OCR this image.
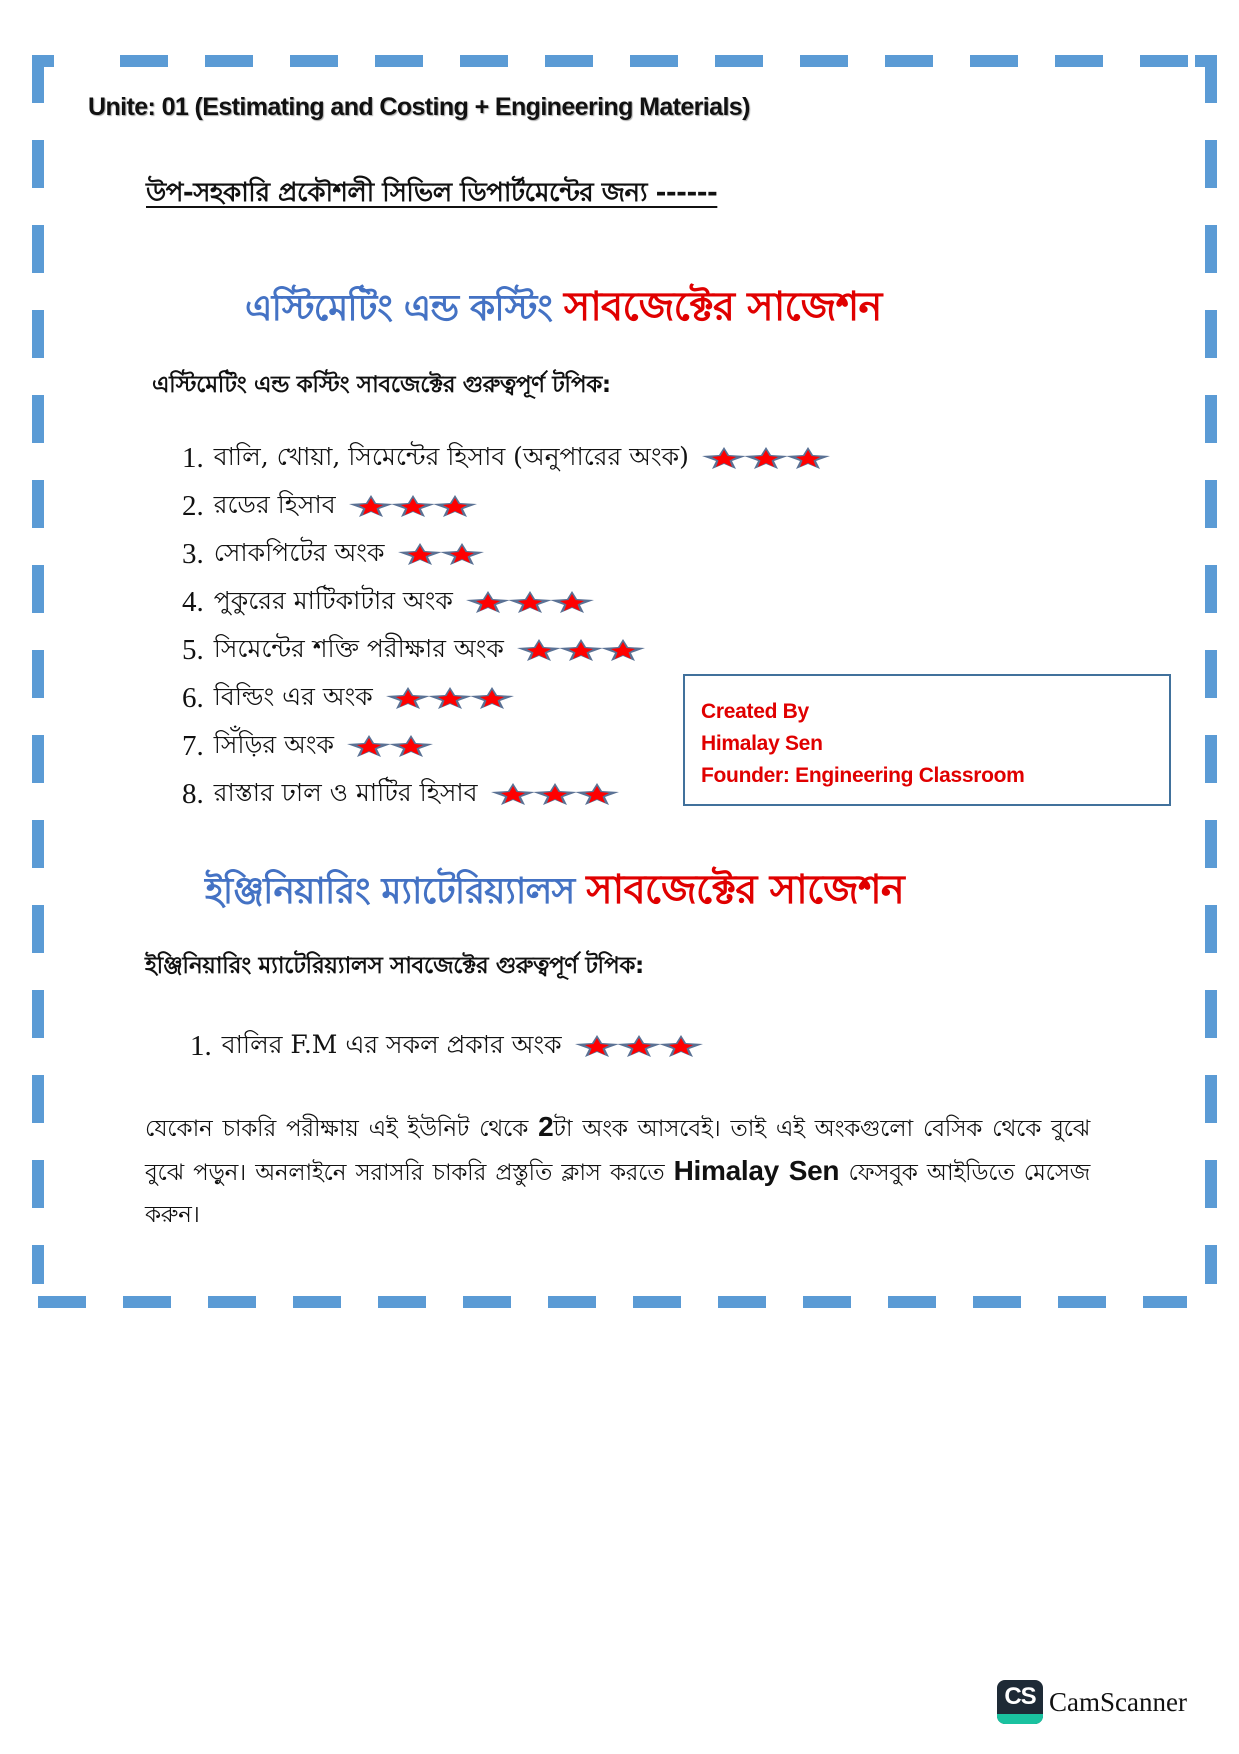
Unite: 01 (Estimating and Costing + Engineering Materials)
উপ-সহকারি প্রকৌশলী সিভিল ডিপার্টমেন্টের জন্য ------
এস্টিমেটিং এন্ড কস্টিং সাবজেক্টের সাজেশন
এস্টিমেটিং এন্ড কস্টিং সাবজেক্টের গুরুত্বপূর্ণ টপিক:
1. বালি, খোয়া, সিমেন্টের হিসাব (অনুপারের অংক)
2. রডের হিসাব
3. সোকপিটের অংক
4. পুকুরের মাটিকাটার অংক
5. সিমেন্টের শক্তি পরীক্ষার অংক
6. বিল্ডিং এর অংক
7. সিঁড়ির অংক
8. রাস্তার ঢাল ও মাটির হিসাব
Created By
Himalay Sen
Founder: Engineering Classroom
ইঞ্জিনিয়ারিং ম্যাটেরিয়্যালস সাবজেক্টের সাজেশন
ইঞ্জিনিয়ারিং ম্যাটেরিয়্যালস সাবজেক্টের গুরুত্বপূর্ণ টপিক:
1. বালির F.M এর সকল প্রকার অংক
যেকোন চাকরি পরীক্ষায় এই ইউনিট থেকে 2টা অংক আসবেই। তাই এই অংকগুলো বেসিক থেকে বুঝে বুঝে পড়ুন। অনলাইনে সরাসরি চাকরি প্রস্তুতি ক্লাস করতে Himalay Sen ফেসবুক আইডিতে মেসেজ করুন।
CS CamScanner
